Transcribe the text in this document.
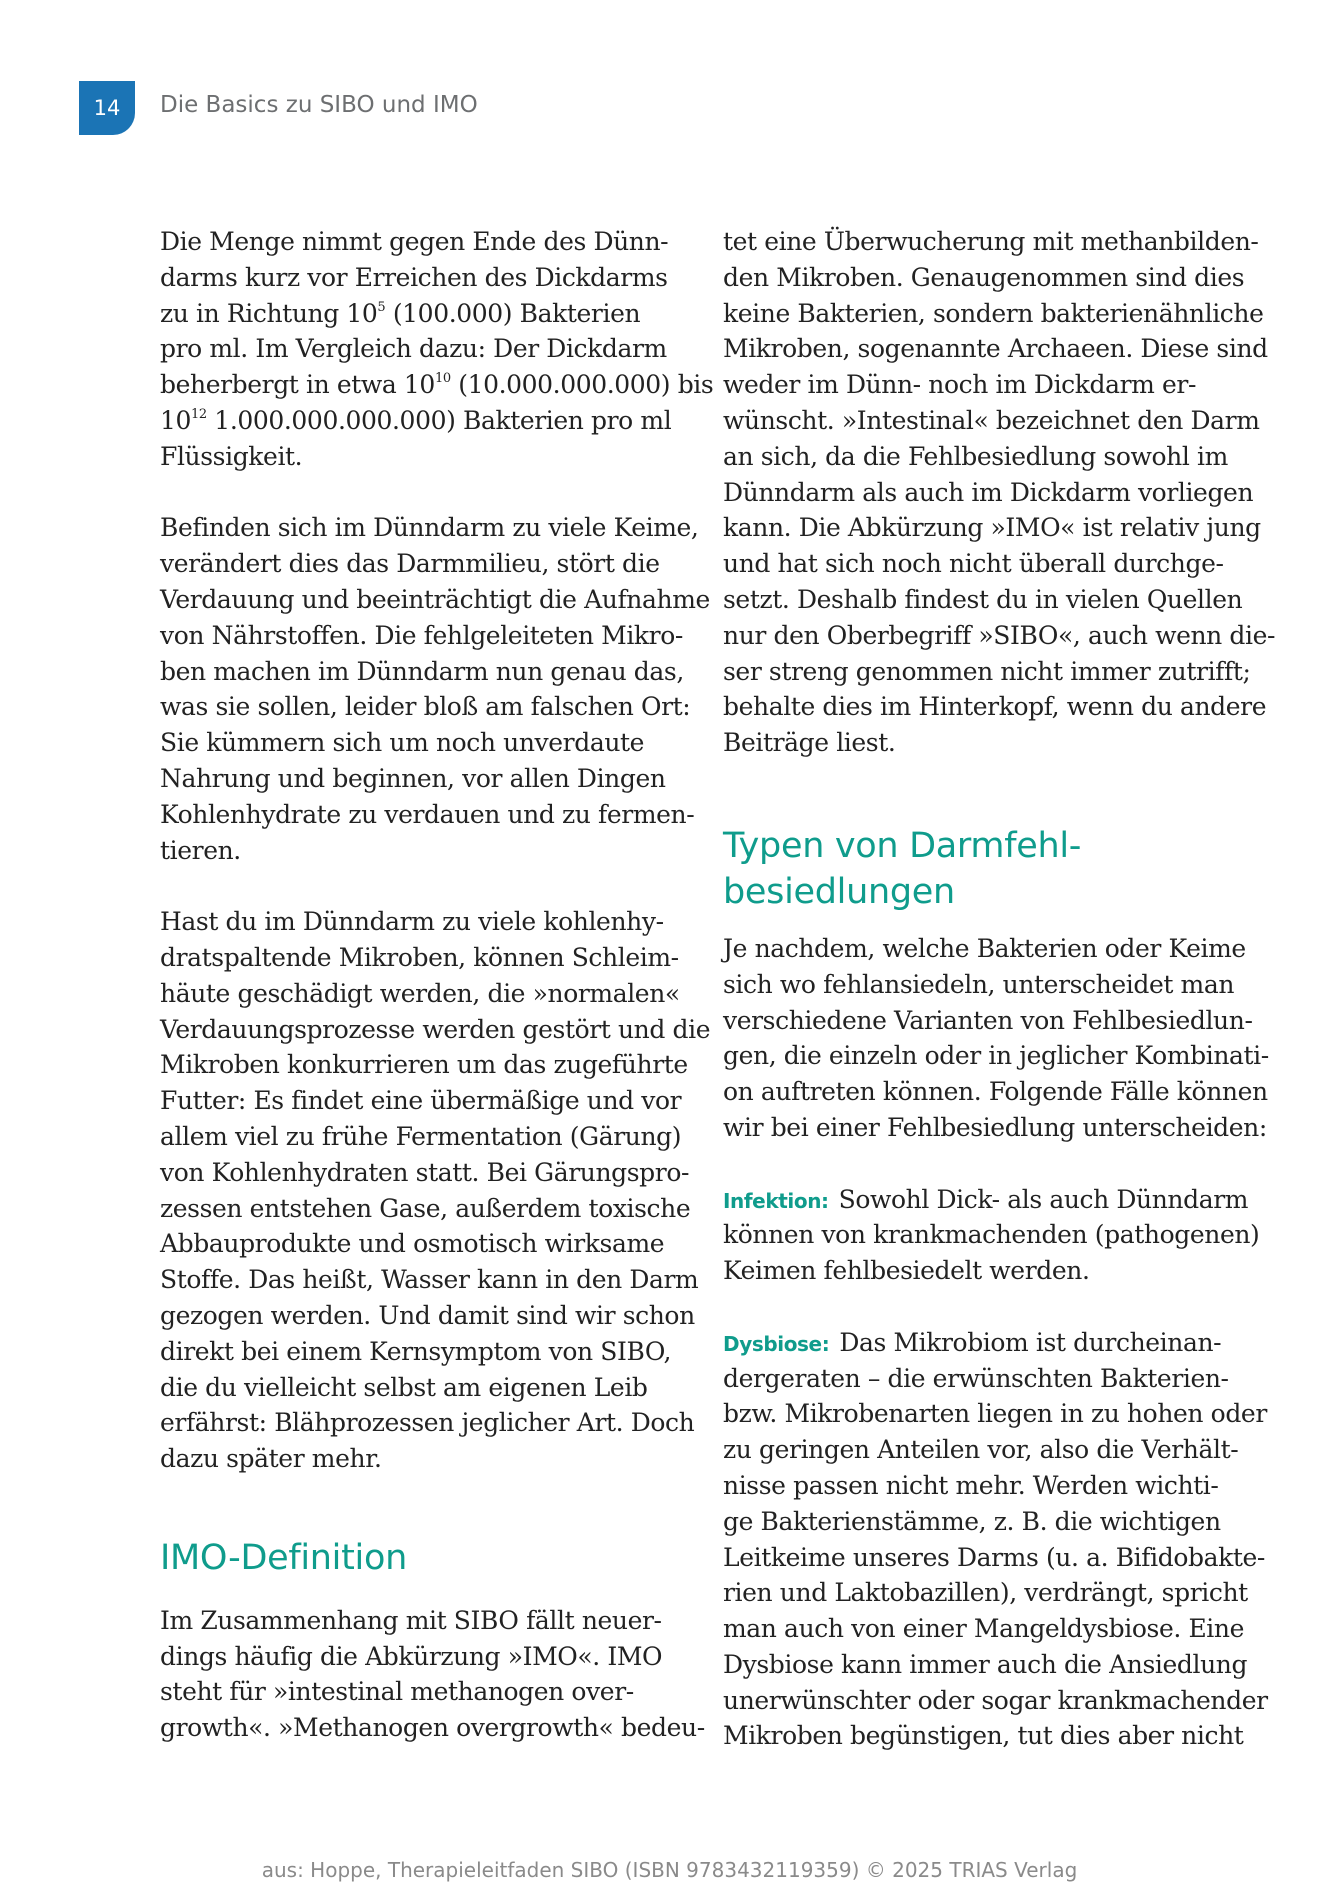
14 Die Basics zu SIBO und IMO
Die Menge nimmt gegen Ende des Dünn-
darms kurz vor Erreichen des Dickdarms
zu in Richtung $10^5$ (100.000) Bakterien
pro ml. Im Vergleich dazu: Der Dickdarm
beherbergt in etwa $10^{10}$ (10.000.000.000) bis
$10^{12}$ 1.000.000.000.000) Bakterien pro ml
Flüssigkeit.
Befinden sich im Dünndarm zu viele Keime,
verändert dies das Darmmilieu, stört die
Verdauung und beeinträchtigt die Aufnahme
von Nährstoffen. Die fehlgeleiteten Mikro-
ben machen im Dünndarm nun genau das,
was sie sollen, leider bloß am falschen Ort:
Sie kümmern sich um noch unverdaute
Nahrung und beginnen, vor allen Dingen
Kohlenhydrate zu verdauen und zu fermen-
tieren.
Hast du im Dünndarm zu viele kohlenhy-
dratspaltende Mikroben, können Schleim-
häute geschädigt werden, die »normalen«
Verdauungsprozesse werden gestört und die
Mikroben konkurrieren um das zugeführte
Futter: Es findet eine übermäßige und vor
allem viel zu frühe Fermentation (Gärung)
von Kohlenhydraten statt. Bei Gärungspro-
zessen entstehen Gase, außerdem toxische
Abbauprodukte und osmotisch wirksame
Stoffe. Das heißt, Wasser kann in den Darm
gezogen werden. Und damit sind wir schon
direkt bei einem Kernsymptom von SIBO,
die du vielleicht selbst am eigenen Leib
erfährst: Blähprozessen jeglicher Art. Doch
dazu später mehr.
IMO-Definition
Im Zusammenhang mit SIBO fällt neuer-
dings häufig die Abkürzung »IMO«. IMO
steht für »intestinal methanogen over-
growth«. »Methanogen overgrowth« bedeu-
tet eine Überwucherung mit methanbilden-
den Mikroben. Genaugenommen sind dies
keine Bakterien, sondern bakterienähnliche
Mikroben, sogenannte Archaeen. Diese sind
weder im Dünn- noch im Dickdarm er-
wünscht. »Intestinal« bezeichnet den Darm
an sich, da die Fehlbesiedlung sowohl im
Dünndarm als auch im Dickdarm vorliegen
kann. Die Abkürzung »IMO« ist relativ jung
und hat sich noch nicht überall durchge-
setzt. Deshalb findest du in vielen Quellen
nur den Oberbegriff »SIBO«, auch wenn die-
ser streng genommen nicht immer zutrifft;
behalte dies im Hinterkopf, wenn du andere
Beiträge liest.
Typen von Darmfehl-
besiedlungen
Je nachdem, welche Bakterien oder Keime
sich wo fehlansiedeln, unterscheidet man
verschiedene Varianten von Fehlbesiedlun-
gen, die einzeln oder in jeglicher Kombinati-
on auftreten können. Folgende Fälle können
wir bei einer Fehlbesiedlung unterscheiden:
Infektion: Sowohl Dick- als auch Dünndarm
können von krankmachenden (pathogenen)
Keimen fehlbesiedelt werden.
Dysbiose: Das Mikrobiom ist durcheinan-
dergeraten – die erwünschten Bakterien-
bzw. Mikrobenarten liegen in zu hohen oder
zu geringen Anteilen vor, also die Verhält-
nisse passen nicht mehr. Werden wichti-
ge Bakterienstämme, z. B. die wichtigen
Leitkeime unseres Darms (u. a. Bifidobakte-
rien und Laktobazillen), verdrängt, spricht
man auch von einer Mangeldysbiose. Eine
Dysbiose kann immer auch die Ansiedlung
unerwünschter oder sogar krankmachender
Mikroben begünstigen, tut dies aber nicht
aus: Hoppe, Therapieleitfaden SIBO (ISBN 9783432119359) © 2025 TRIAS Verlag
